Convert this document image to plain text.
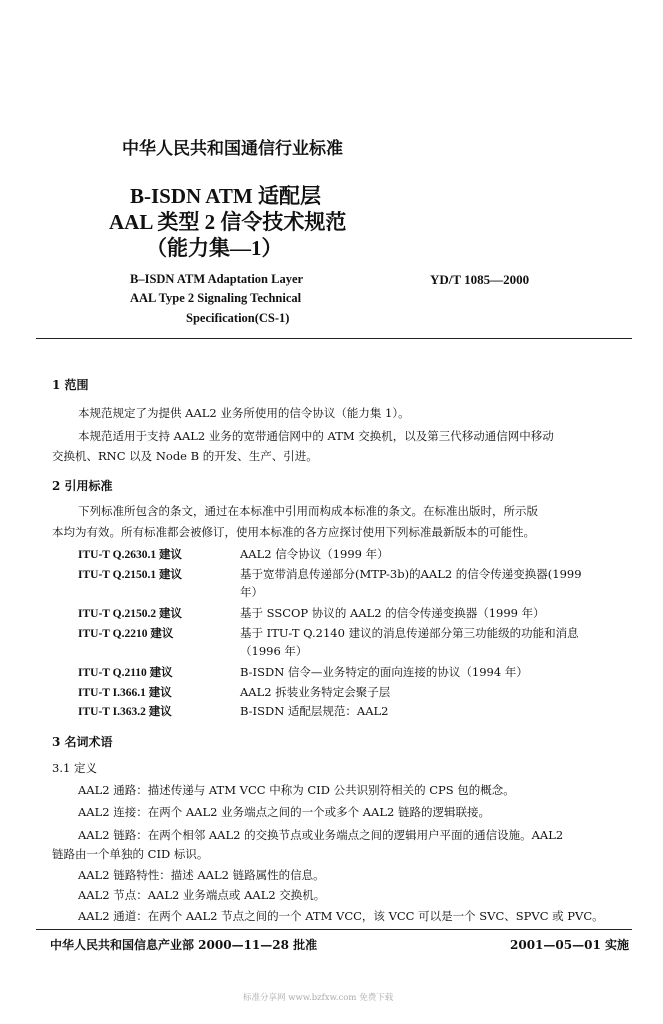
中华人民共和国通信行业标准
B-ISDN ATM 适配层
AAL 类型 2 信令技术规范
（能力集—1）
B–ISDN ATM Adaptation Layer
AAL Type 2 Signaling Technical
Specification(CS-1)
YD/T 1085—2000
1 范围
本规范规定了为提供 AAL2 业务所使用的信令协议（能力集 1）。
本规范适用于支持 AAL2 业务的宽带通信网中的 ATM 交换机，以及第三代移动通信网中移动
交换机、RNC 以及 Node B 的开发、生产、引进。
2 引用标准
下列标准所包含的条文，通过在本标准中引用而构成本标准的条文。在标准出版时，所示版
本均为有效。所有标准都会被修订，使用本标准的各方应探讨使用下列标准最新版本的可能性。
ITU-T Q.2630.1 建议	AAL2 信令协议（1999 年）
ITU-T Q.2150.1 建议	基于宽带消息传递部分(MTP-3b)的AAL2 的信令传递变换器(1999
年）
ITU-T Q.2150.2 建议	基于 SSCOP 协议的 AAL2 的信令传递变换器（1999 年）
ITU-T Q.2210 建议	基于 ITU-T Q.2140 建议的消息传递部分第三功能级的功能和消息
（1996 年）
ITU-T Q.2110 建议	B-ISDN 信令—业务特定的面向连接的协议（1994 年）
ITU-T I.366.1 建议	AAL2 拆装业务特定会聚子层
ITU-T I.363.2 建议	B-ISDN 适配层规范：AAL2
3 名词术语
3.1 定义
AAL2 通路：描述传递与 ATM VCC 中称为 CID 公共识别符相关的 CPS 包的概念。
AAL2 连接：在两个 AAL2 业务端点之间的一个或多个 AAL2 链路的逻辑联接。
AAL2 链路：在两个相邻 AAL2 的交换节点或业务端点之间的逻辑用户平面的通信设施。AAL2
链路由一个单独的 CID 标识。
AAL2 链路特性：描述 AAL2 链路属性的信息。
AAL2 节点：AAL2 业务端点或 AAL2 交换机。
AAL2 通道：在两个 AAL2 节点之间的一个 ATM VCC，该 VCC 可以是一个 SVC、SPVC 或 PVC。
中华人民共和国信息产业部 2000—11—28 批准	2001—05—01 实施
标准分享网 www.bzfxw.com 免费下载
